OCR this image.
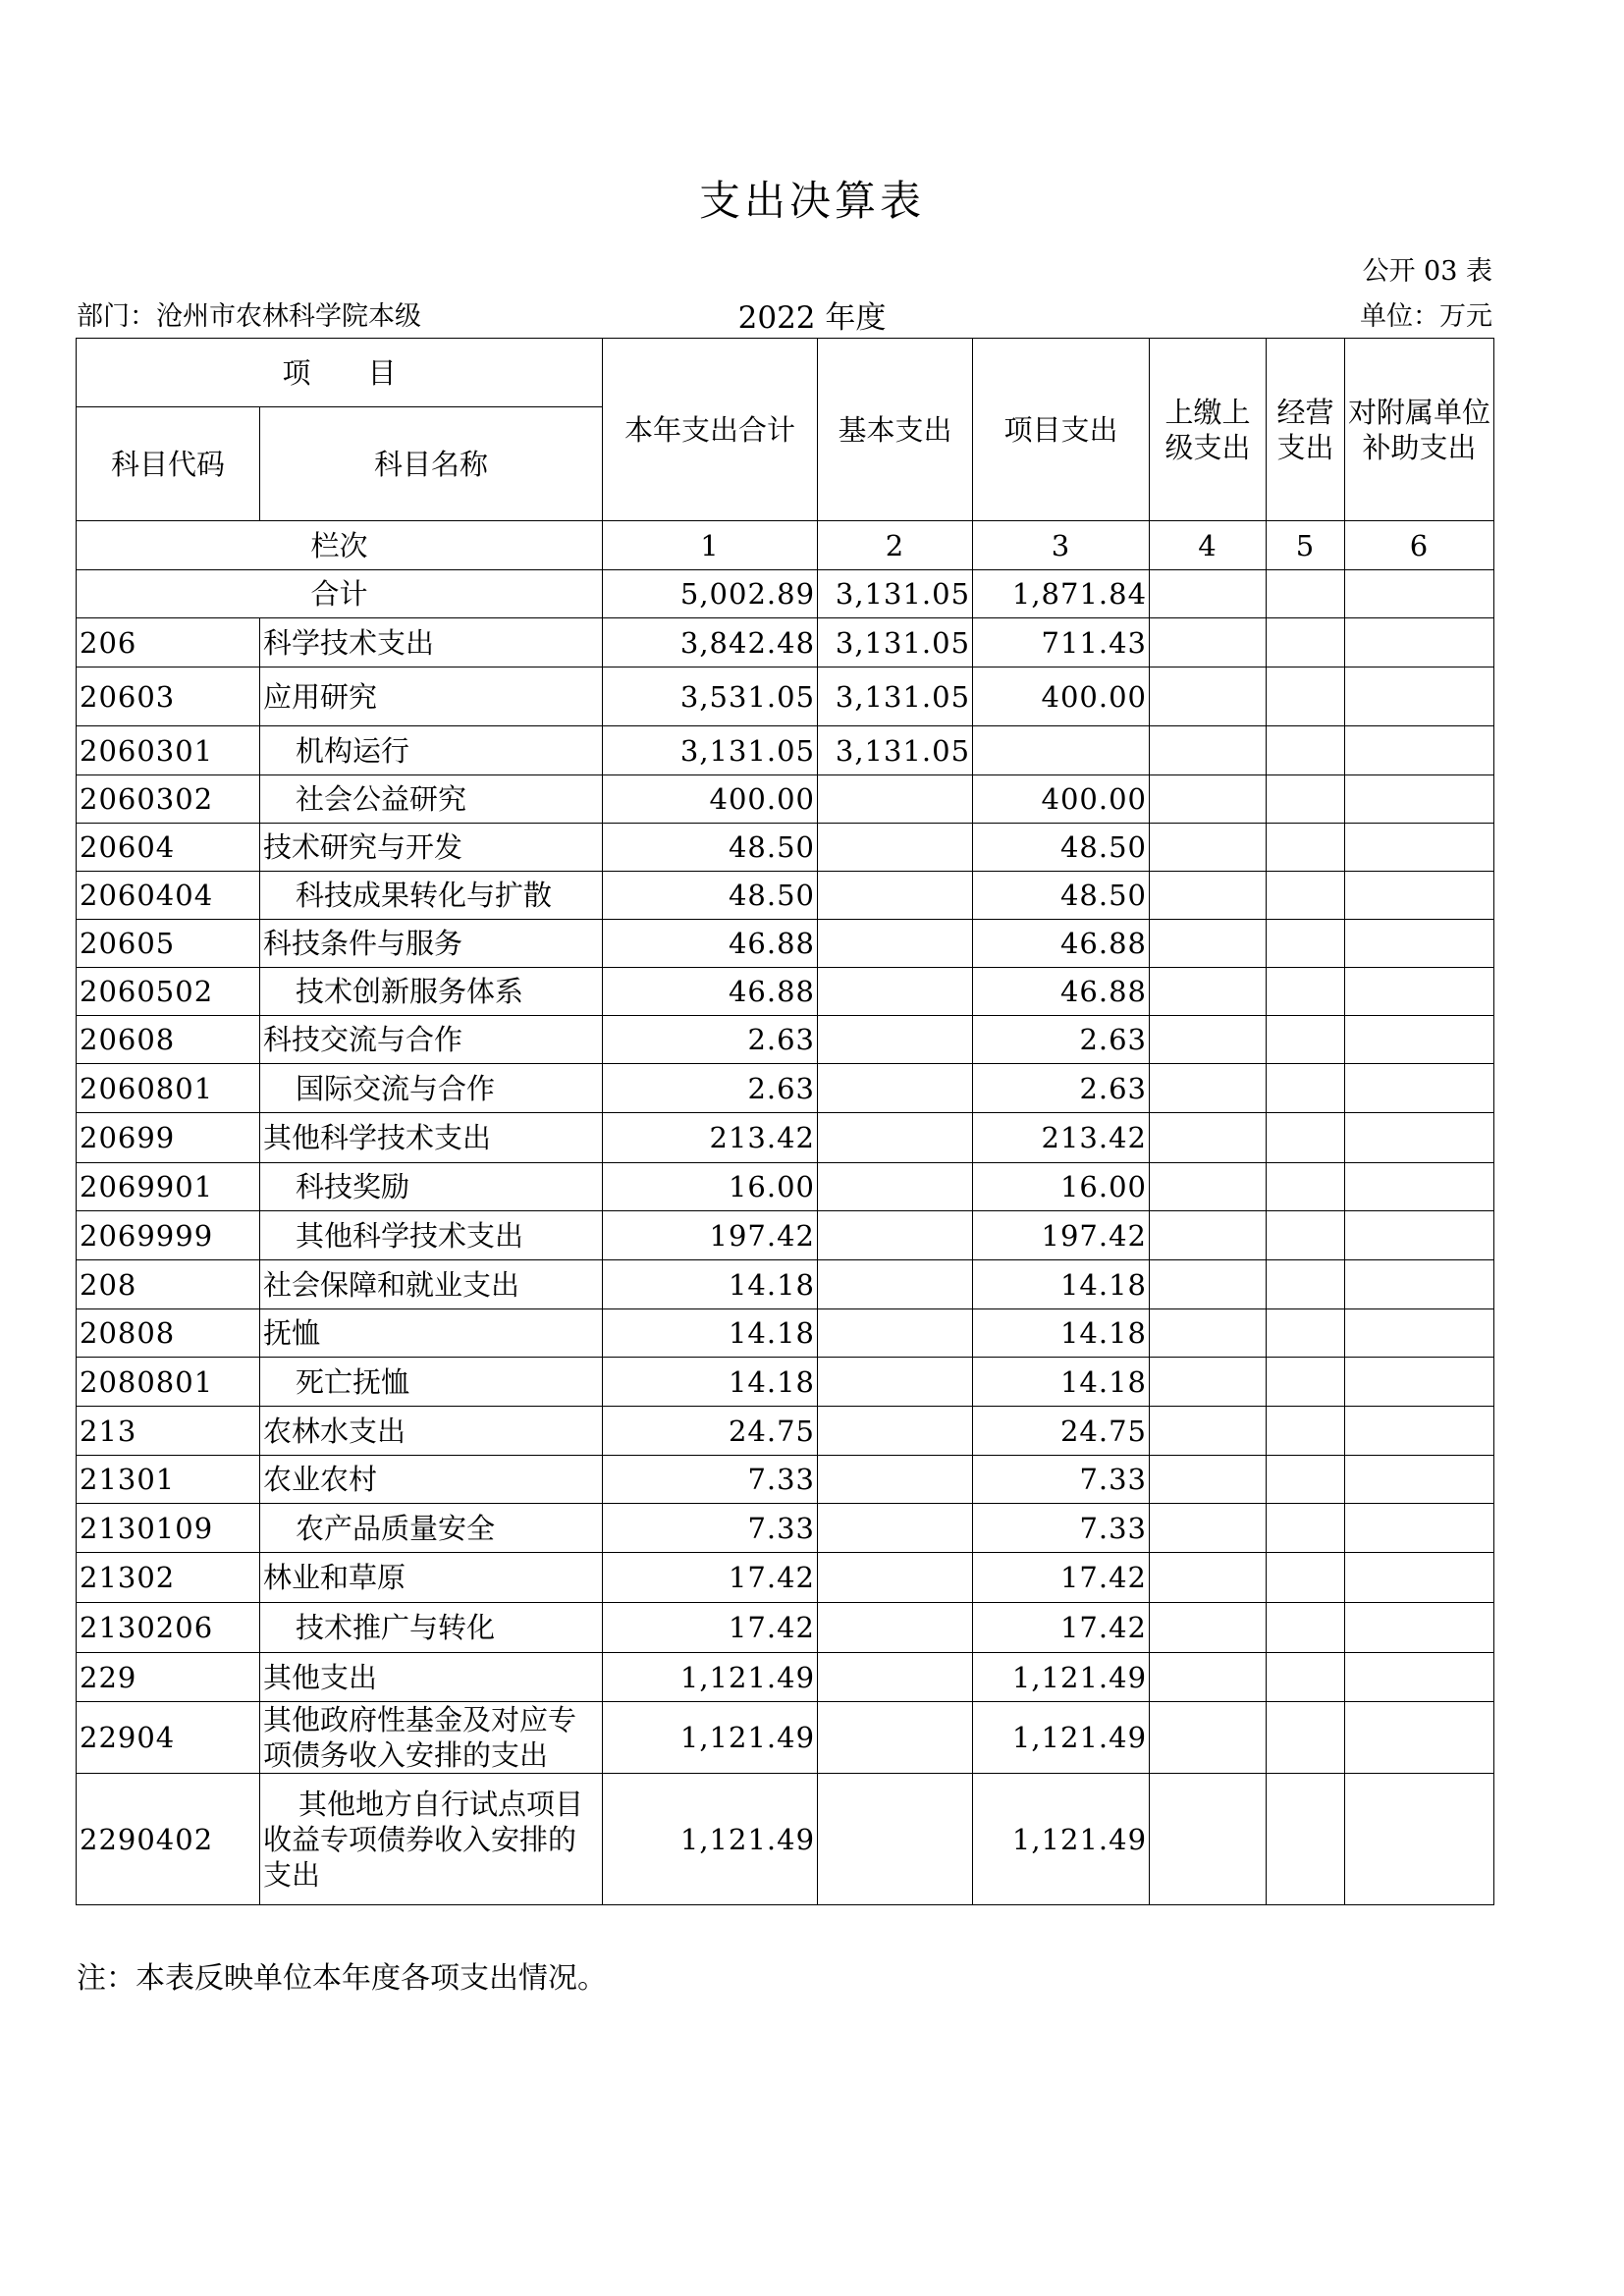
支出决算表
公开 03 表
部门：沧州市农林科学院本级	2022 年度	单位：万元
项　　目		本年支出合计	基本支出	项目支出	上缴上级支出	经营支出	对附属单位补助支出
科目代码	科目名称						
栏次		1	2	3	4	5	6
合计		5,002.89	3,131.05	1,871.84			
206	科学技术支出	3,842.48	3,131.05	711.43			
20603	应用研究	3,531.05	3,131.05	400.00			
2060301	机构运行	3,131.05	3,131.05				
2060302	社会公益研究	400.00		400.00			
20604	技术研究与开发	48.50		48.50			
2060404	科技成果转化与扩散	48.50		48.50			
20605	科技条件与服务	46.88		46.88			
2060502	技术创新服务体系	46.88		46.88			
20608	科技交流与合作	2.63		2.63			
2060801	国际交流与合作	2.63		2.63			
20699	其他科学技术支出	213.42		213.42			
2069901	科技奖励	16.00		16.00			
2069999	其他科学技术支出	197.42		197.42			
208	社会保障和就业支出	14.18		14.18			
20808	抚恤	14.18		14.18			
2080801	死亡抚恤	14.18		14.18			
213	农林水支出	24.75		24.75			
21301	农业农村	7.33		7.33			
2130109	农产品质量安全	7.33		7.33			
21302	林业和草原	17.42		17.42			
2130206	技术推广与转化	17.42		17.42			
229	其他支出	1,121.49		1,121.49			
22904	其他政府性基金及对应专项债务收入安排的支出	1,121.49		1,121.49			
2290402	其他地方自行试点项目收益专项债券收入安排的支出	1,121.49		1,121.49			
注：本表反映单位本年度各项支出情况。
